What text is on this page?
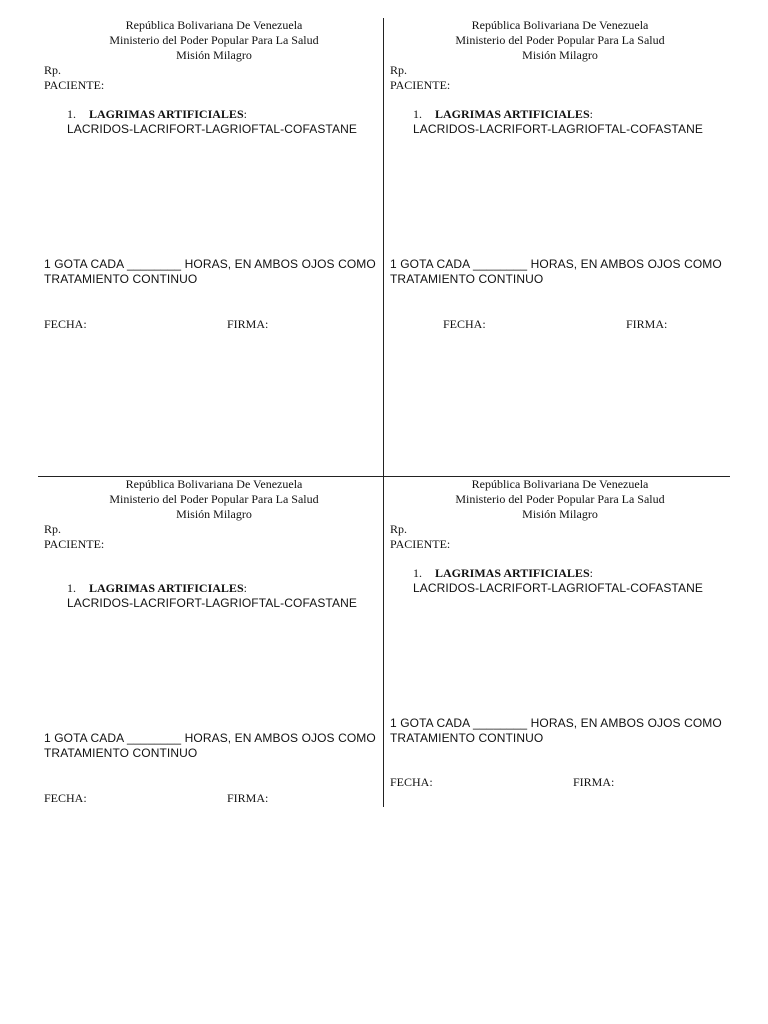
República Bolivariana De Venezuela
Ministerio del Poder Popular Para La Salud
Misión Milagro
Rp.
PACIENTE:
1. LAGRIMAS ARTIFICIALES:
LACRIDOS-LACRIFORT-LAGRIOFTAL-COFASTANE
1 GOTA CADA ________ HORAS, EN AMBOS OJOS COMO
TRATAMIENTO CONTINUO
FECHA:	FIRMA:
República Bolivariana De Venezuela
Ministerio del Poder Popular Para La Salud
Misión Milagro
Rp.
PACIENTE:
1. LAGRIMAS ARTIFICIALES:
LACRIDOS-LACRIFORT-LAGRIOFTAL-COFASTANE
1 GOTA CADA ________ HORAS, EN AMBOS OJOS COMO
TRATAMIENTO CONTINUO
FECHA:	FIRMA:
República Bolivariana De Venezuela
Ministerio del Poder Popular Para La Salud
Misión Milagro
Rp.
PACIENTE:
1. LAGRIMAS ARTIFICIALES:
LACRIDOS-LACRIFORT-LAGRIOFTAL-COFASTANE
1 GOTA CADA ________ HORAS, EN AMBOS OJOS COMO
TRATAMIENTO CONTINUO
FECHA:	FIRMA:
República Bolivariana De Venezuela
Ministerio del Poder Popular Para La Salud
Misión Milagro
Rp.
PACIENTE:
1. LAGRIMAS ARTIFICIALES:
LACRIDOS-LACRIFORT-LAGRIOFTAL-COFASTANE
1 GOTA CADA ________ HORAS, EN AMBOS OJOS COMO
TRATAMIENTO CONTINUO
FECHA:	FIRMA:
